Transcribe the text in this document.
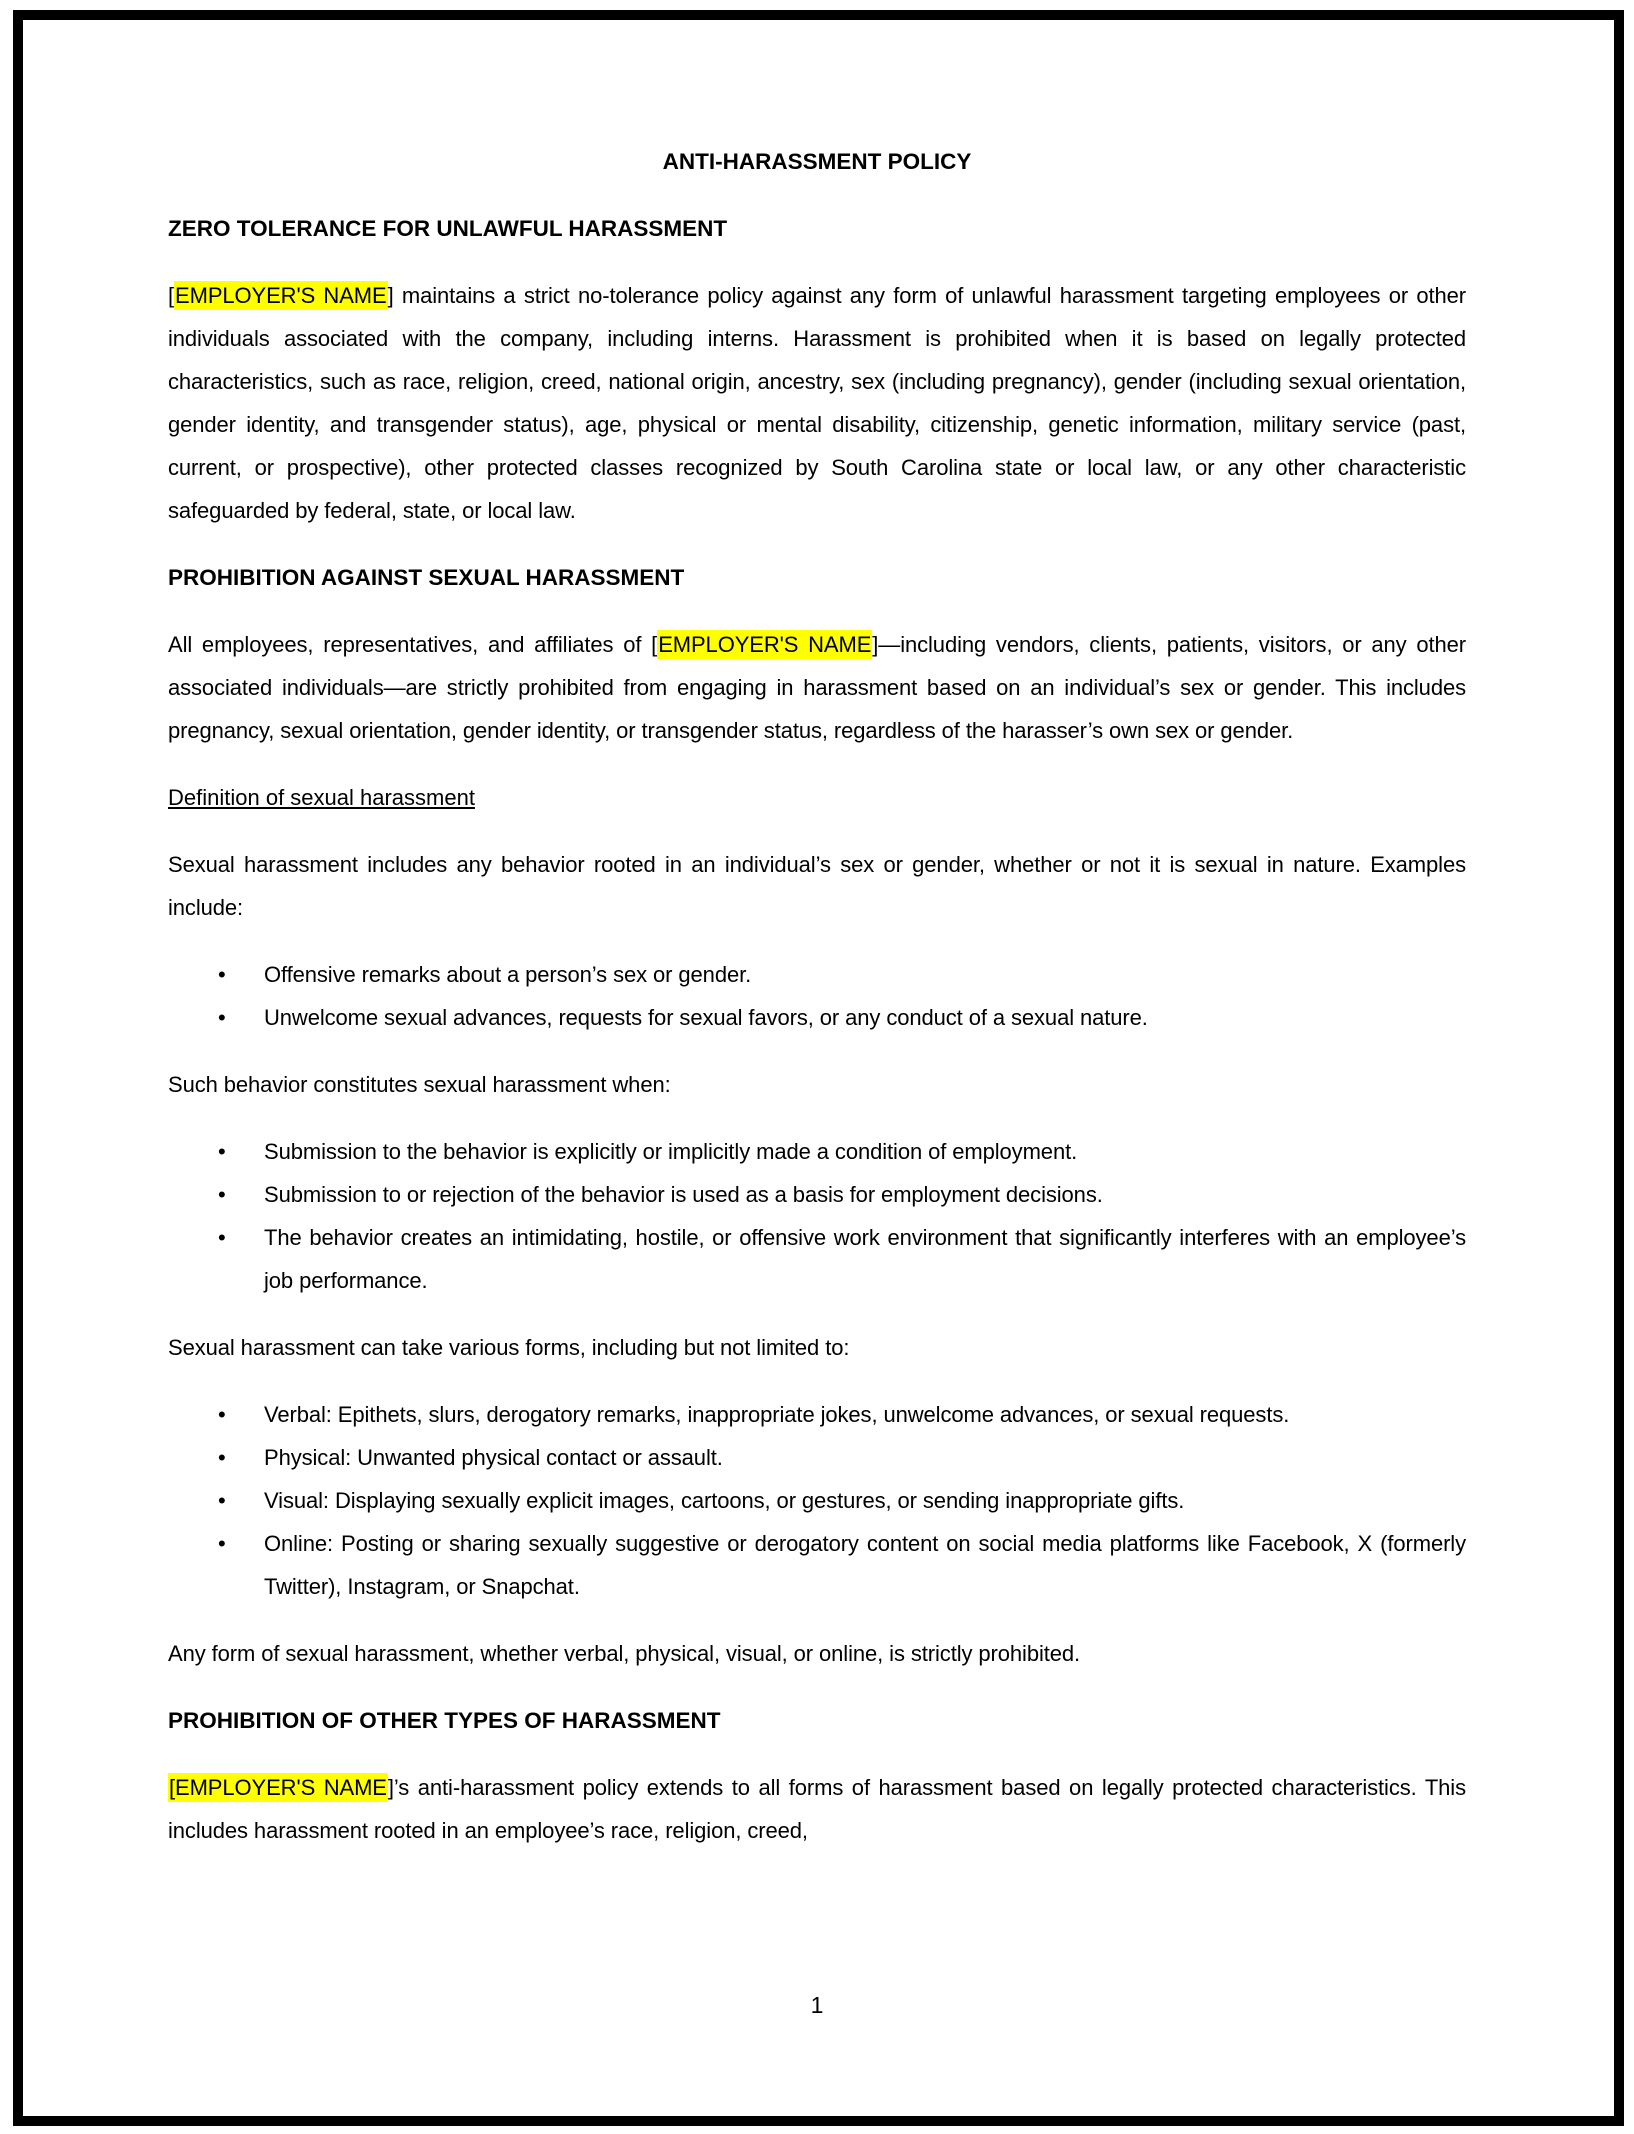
ANTI-HARASSMENT POLICY
ZERO TOLERANCE FOR UNLAWFUL HARASSMENT

[EMPLOYER'S NAME] maintains a strict no-tolerance policy against any form of unlawful harassment targeting employees or other individuals associated with the company, including interns. Harassment is prohibited when it is based on legally protected characteristics, such as race, religion, creed, national origin, ancestry, sex (including pregnancy), gender (including sexual orientation, gender identity, and transgender status), age, physical or mental disability, citizenship, genetic information, military service (past, current, or prospective), other protected classes recognized by South Carolina state or local law, or any other characteristic safeguarded by federal, state, or local law.

PROHIBITION AGAINST SEXUAL HARASSMENT

All employees, representatives, and affiliates of [EMPLOYER'S NAME]—including vendors, clients, patients, visitors, or any other associated individuals—are strictly prohibited from engaging in harassment based on an individual’s sex or gender. This includes pregnancy, sexual orientation, gender identity, or transgender status, regardless of the harasser’s own sex or gender.

Definition of sexual harassment

Sexual harassment includes any behavior rooted in an individual’s sex or gender, whether or not it is sexual in nature. Examples include:

• Offensive remarks about a person’s sex or gender.
• Unwelcome sexual advances, requests for sexual favors, or any conduct of a sexual nature.

Such behavior constitutes sexual harassment when:

• Submission to the behavior is explicitly or implicitly made a condition of employment.
• Submission to or rejection of the behavior is used as a basis for employment decisions.
• The behavior creates an intimidating, hostile, or offensive work environment that significantly interferes with an employee’s job performance.

Sexual harassment can take various forms, including but not limited to:

• Verbal: Epithets, slurs, derogatory remarks, inappropriate jokes, unwelcome advances, or sexual requests.
• Physical: Unwanted physical contact or assault.
• Visual: Displaying sexually explicit images, cartoons, or gestures, or sending inappropriate gifts.
• Online: Posting or sharing sexually suggestive or derogatory content on social media platforms like Facebook, X (formerly Twitter), Instagram, or Snapchat.

Any form of sexual harassment, whether verbal, physical, visual, or online, is strictly prohibited.

PROHIBITION OF OTHER TYPES OF HARASSMENT

[EMPLOYER'S NAME]’s anti-harassment policy extends to all forms of harassment based on legally protected characteristics. This includes harassment rooted in an employee’s race, religion, creed,

1
